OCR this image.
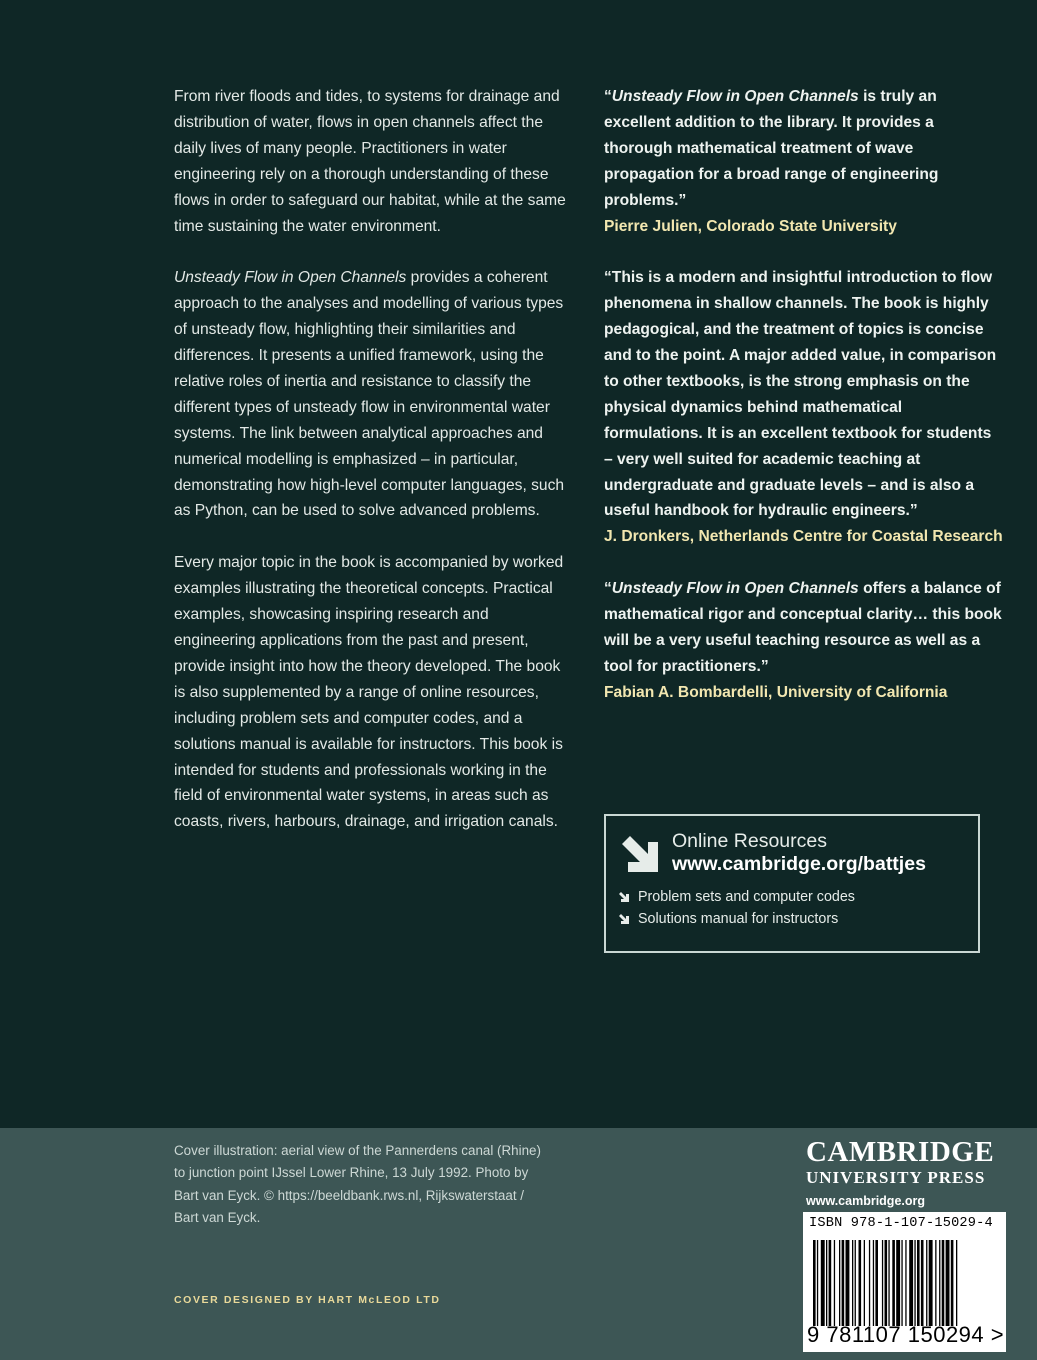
From river floods and tides, to systems for drainage and distribution of water, flows in open channels affect the daily lives of many people. Practitioners in water engineering rely on a thorough understanding of these flows in order to safeguard our habitat, while at the same time sustaining the water environment.

Unsteady Flow in Open Channels provides a coherent approach to the analyses and modelling of various types of unsteady flow, highlighting their similarities and differences. It presents a unified framework, using the relative roles of inertia and resistance to classify the different types of unsteady flow in environmental water systems. The link between analytical approaches and numerical modelling is emphasized – in particular, demonstrating how high-level computer languages, such as Python, can be used to solve advanced problems.

Every major topic in the book is accompanied by worked examples illustrating the theoretical concepts. Practical examples, showcasing inspiring research and engineering applications from the past and present, provide insight into how the theory developed. The book is also supplemented by a range of online resources, including problem sets and computer codes, and a solutions manual is available for instructors. This book is intended for students and professionals working in the field of environmental water systems, in areas such as coasts, rivers, harbours, drainage, and irrigation canals.

“Unsteady Flow in Open Channels is truly an excellent addition to the library. It provides a thorough mathematical treatment of wave propagation for a broad range of engineering problems.”
Pierre Julien, Colorado State University
“This is a modern and insightful introduction to flow phenomena in shallow channels. The book is highly pedagogical, and the treatment of topics is concise and to the point. A major added value, in comparison to other textbooks, is the strong emphasis on the physical dynamics behind mathematical formulations. It is an excellent textbook for students – very well suited for academic teaching at undergraduate and graduate levels – and is also a useful handbook for hydraulic engineers.”
J. Dronkers, Netherlands Centre for Coastal Research
“Unsteady Flow in Open Channels offers a balance of mathematical rigor and conceptual clarity… this book will be a very useful teaching resource as well as a tool for practitioners.”
Fabian A. Bombardelli, University of California
Online Resources
www.cambridge.org/battjes
Problem sets and computer codes
Solutions manual for instructors
Cover illustration: aerial view of the Pannerdens canal (Rhine) to junction point IJssel Lower Rhine, 13 July 1992. Photo by Bart van Eyck. © https://beeldbank.rws.nl, Rijkswaterstaat / Bart van Eyck.
COVER DESIGNED BY HART McLEOD LTD
CAMBRIDGE
UNIVERSITY PRESS
www.cambridge.org
ISBN 978-1-107-15029-4
9 781107 150294 >
